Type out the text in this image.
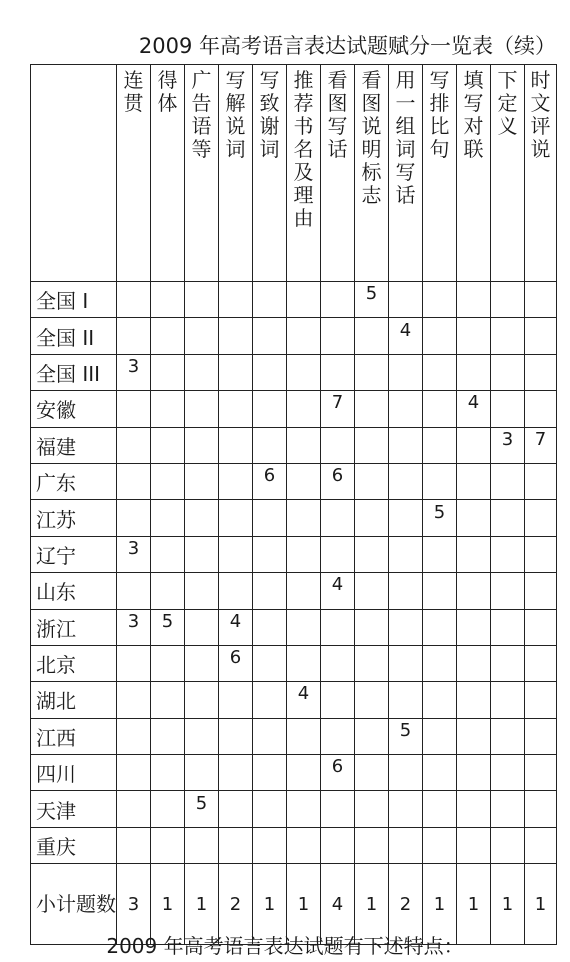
2009 年高考语言表达试题赋分一览表（续）

	连贯	得体	广告语等	写解说词	写致谢词	推荐书名及理由	看图写话	看图说明标志	用一组词写话	写排比句	填写对联	下定义	时文评说

全国 I								5					
全国 II									4				
全国 III	3												
安徽							7				4		
福建												3	7
广东					6		6						
江苏										5			
辽宁	3												
山东							4						
浙江	3	5		4									
北京				6									
湖北						4							
江西									5				
四川							6						
天津			5										
重庆													
小计题数	3	1	1	2	1	1	4	1	2	1	1	1	1
2009 年高考语言表达试题有下述特点：
